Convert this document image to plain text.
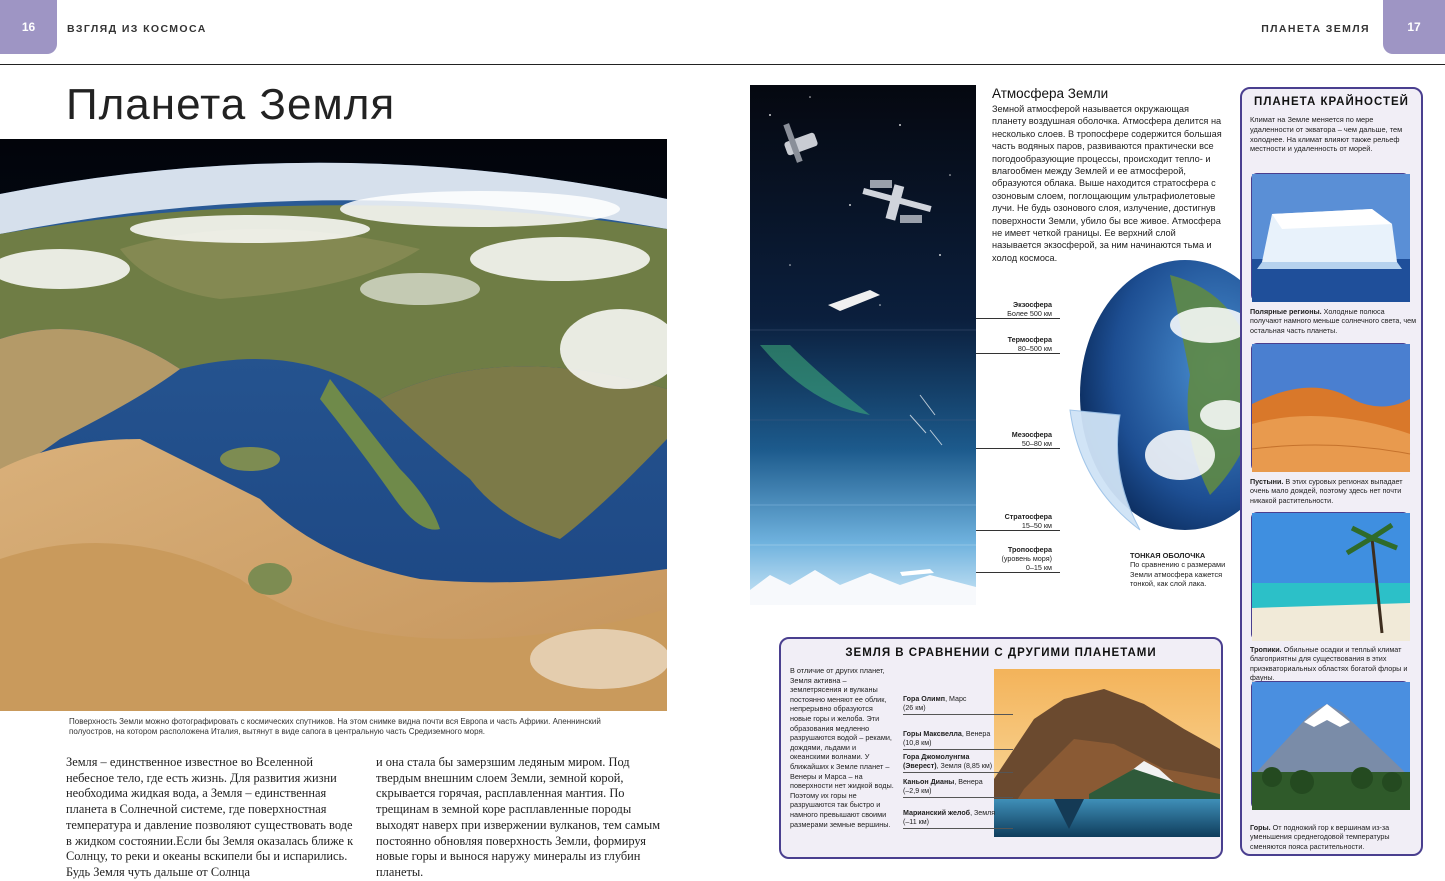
16	ВЗГЛЯД ИЗ КОСМОСА	ПЛАНЕТА ЗЕМЛЯ	17
Планета Земля
Поверхность Земли можно фотографировать с космических спутников. На этом снимке видна почти вся Европа и часть Африки. Апеннинский полуостров, на котором расположена Италия, вытянут в виде сапога в центральную часть Средиземного моря.
Земля – единственное известное во Вселенной небесное тело, где есть жизнь. Для развития жизни необходима жидкая вода, а Земля – единственная планета в Солнечной системе, где поверхностная температура и давление позволяют существовать воде в жидком состоянии.Если бы Земля оказалась ближе к Солнцу, то реки и океаны вскипели бы и испарились. Будь Земля чуть дальше от Солнца
и она стала бы замерзшим ледяным миром. Под твердым внешним слоем Земли, земной корой, скрывается горячая, расплавленная мантия. По трещинам в земной коре расплавленные породы выходят наверх при извержении вулканов, тем самым постоянно обновляя поверхность Земли, формируя новые горы и вынося наружу минералы из глубин планеты.
Атмосфера Земли
Земной атмосферой называется окружающая планету воздушная оболочка. Атмосфера делится на несколько слоев. В тропосфере содержится большая часть водяных паров, развиваются практически все погодообразующие процессы, происходит тепло- и влагообмен между Землей и ее атмосферой, образуются облака. Выше находится стратосфера с озоновым слоем, поглощающим ультрафиолетовые лучи. Не будь озонового слоя, излучение, достигнув поверхности Земли, убило бы все живое. Атмосфера не имеет четкой границы. Ее верхний слой называется экзосферой, за ним начинаются тьма и холод космоса.
Экзосфера
Более 500 км
Термосфера
80–500 км
Мезосфера
50–80 км
Стратосфера
15–50 км
Тропосфера
(уровень моря)
0–15 км
ТОНКАЯ ОБОЛОЧКА
По сравнению с размерами Земли атмосфера кажется тонкой, как слой лака.
ЗЕМЛЯ В СРАВНЕНИИ С ДРУГИМИ ПЛАНЕТАМИ
В отличие от других планет, Земля активна – землетрясения и вулканы постоянно меняют ее облик, непрерывно образуются новые горы и желоба. Эти образования медленно разрушаются водой – реками, дождями, льдами и океанскими волнами. У ближайших к Земле планет – Венеры и Марса – на поверхности нет жидкой воды. Поэтому их горы не разрушаются так быстро и намного превышают своими размерами земные вершины.
Гора Олимп, Марс
(26 км)
Горы Максвелла, Венера
(10,8 км)
Гора Джомолунгма (Эверест), Земля (8,85 км)
Каньон Дианы, Венера
(–2,9 км)
Марианский желоб, Земля
(–11 км)
ПЛАНЕТА КРАЙНОСТЕЙ
Климат на Земле меняется по мере удаленности от экватора – чем дальше, тем холоднее. На климат влияют также рельеф местности и удаленность от морей.
Полярные регионы. Холодные полюса получают намного меньше солнечного света, чем остальная часть планеты.
Пустыни. В этих суровых регионах выпадает очень мало дождей, поэтому здесь нет почти никакой растительности.
Тропики. Обильные осадки и теплый климат благоприятны для существования в этих приэкваториальных областях богатой флоры и фауны.
Горы. От подножий гор к вершинам из-за уменьшения среднегодовой температуры сменяются пояса растительности.
